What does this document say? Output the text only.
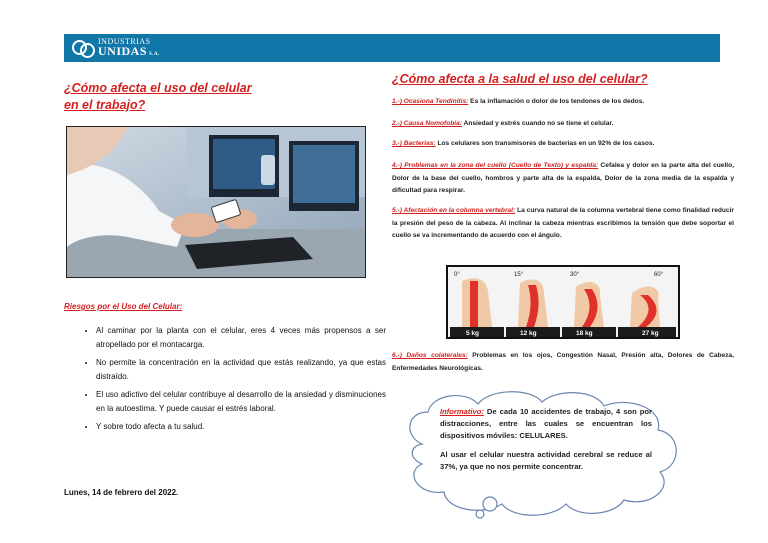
INDUSTRIAS
UNIDAS S.A.
¿Cómo afecta el uso del celular en el trabajo?
Riesgos por el Uso del Celular:
• Al caminar por la planta con el celular, eres 4 veces más propensos a ser atropellado por el montacarga.
• No permite la concentración en la actividad que estás realizando, ya que estas distraído.
• El uso adictivo del celular contribuye al desarrollo de la ansiedad y disminuciones en la autoestima. Y puede causar el estrés laboral.
• Y sobre todo afecta a tu salud.
Lunes, 14 de febrero del 2022.
¿Cómo afecta a la salud el uso del celular?
1.-) Ocasiona Tendinitis: Es la inflamación o dolor de los tendones de los dedos.
2.-) Causa Nomofobia: Ansiedad y estrés cuando no se tiene el celular.
3.-) Bacterias: Los celulares son transmisores de bacterias en un 92% de los casos.
4.-) Problemas en la zona del cuello (Cuello de Texto) y espalda: Cefalea y dolor en la parte alta del cuello, Dolor de la base del cuello, hombros y parte alta de la espalda, Dolor de la zona media de la espalda y dificultad para respirar.
5.-) Afectación en la columna vertebral: La curva natural de la columna vertebral tiene como finalidad reducir la presión del peso de la cabeza. Al inclinar la cabeza mientras escribimos la tensión que debe soportar el cuello se va incrementando de acuerdo con el ángulo.
0°
5 kg
15°
12 kg
30°
18 kg
60°
27 kg
6.-) Daños colaterales: Problemas en los ojos, Congestión Nasal, Presión alta, Dolores de Cabeza, Enfermedades Neurológicas.

Informativo: De cada 10 accidentes de trabajo, 4 son por distracciones, entre las cuales se encuentran los dispositivos móviles: CELULARES.

Al usar el celular nuestra actividad cerebral se reduce al 37%, ya que no nos permite concentrar.
